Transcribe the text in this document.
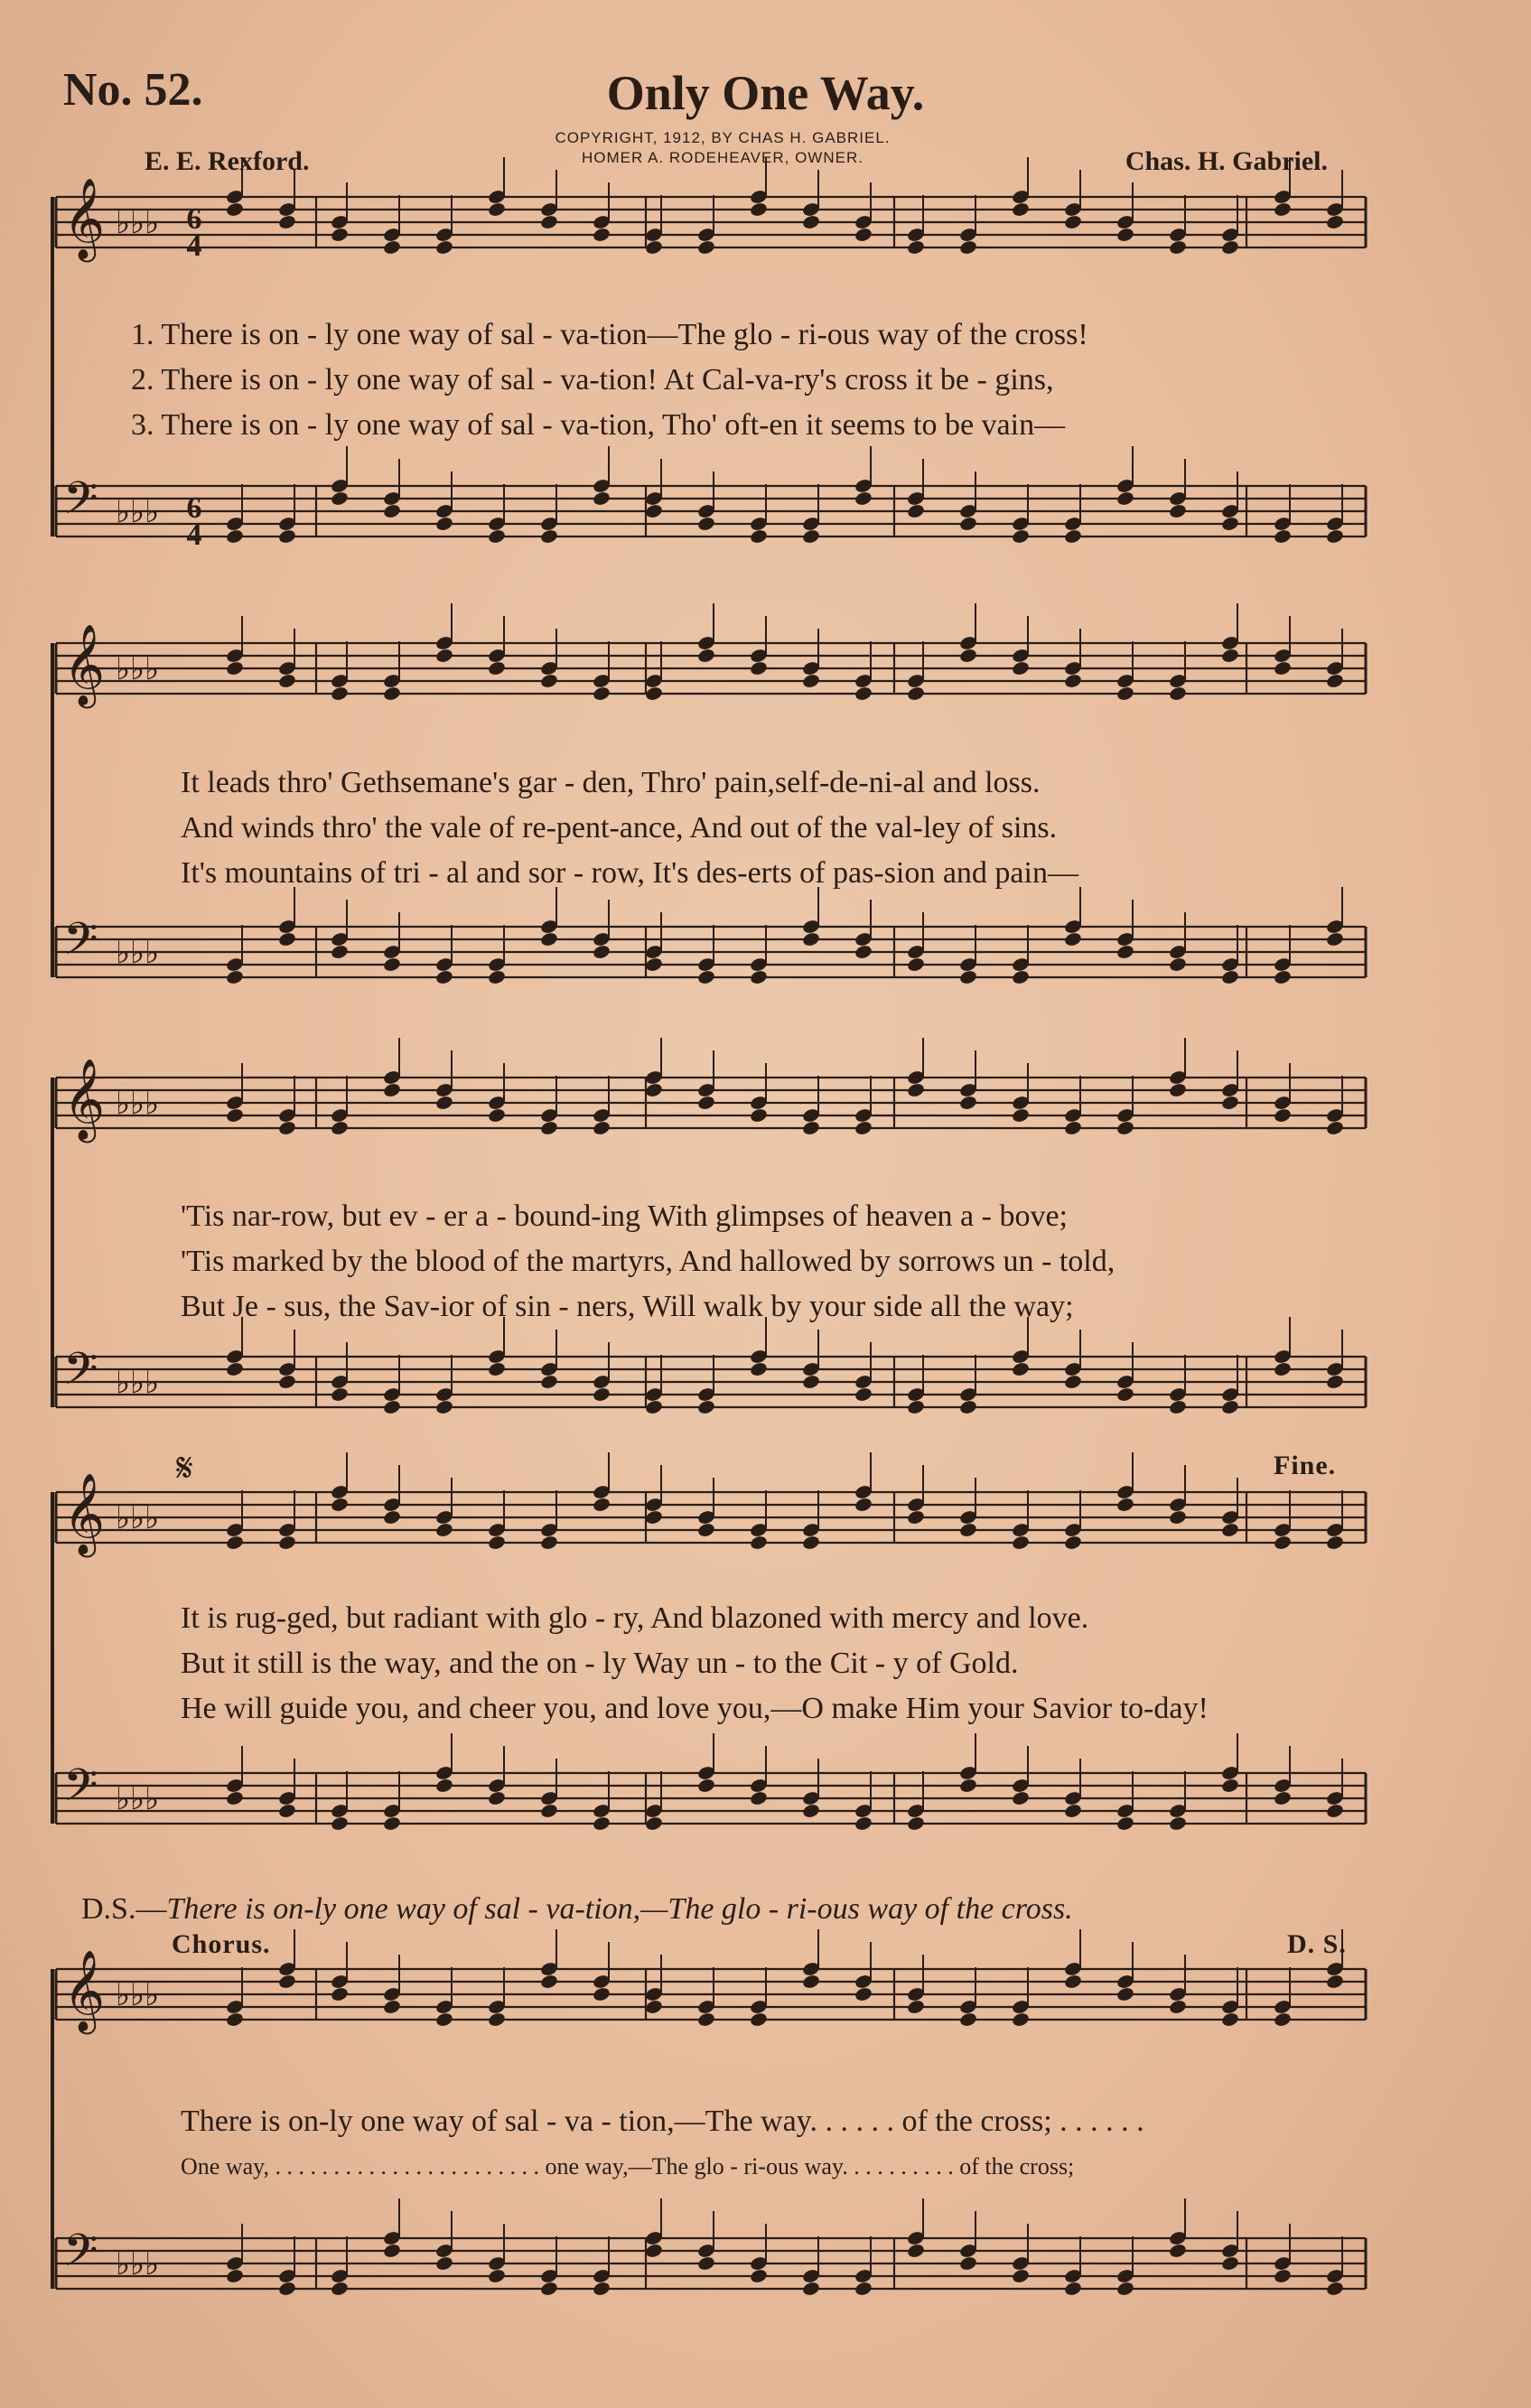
No. 52.	Only One Way.
COPYRIGHT, 1912, BY CHAS H. GABRIEL.
HOMER A. RODEHEAVER, OWNER.
E. E. Rexford.	Chas. H. Gabriel.
𝄞 ♭♭♭
𝄢 ♭♭♭
𝄞 ♭♭♭
𝄢 ♭♭♭
𝄞 ♭♭♭
𝄢 ♭♭♭
𝄞 ♭♭♭
𝄢 ♭♭♭
𝄞 ♭♭♭
𝄢 ♭♭♭
6
4
6
4
1. There is on - ly one way of sal - va-tion—The glo - ri-ous way of the cross!
2. There is on - ly one way of sal - va-tion! At Cal-va-ry's cross it be - gins,
3. There is on - ly one way of sal - va-tion, Tho' oft-en it seems to be vain—
It leads thro' Gethsemane's gar - den, Thro' pain,self-de-ni-al and loss.
And winds thro' the vale of re-pent-ance, And out of the val-ley of sins.
It's mountains of tri - al and sor - row, It's des-erts of pas-sion and pain—
'Tis nar-row, but ev - er a - bound-ing With glimpses of heaven a - bove;
'Tis marked by the blood of the martyrs, And hallowed by sorrows un - told,
But Je - sus, the Sav-ior of sin - ners, Will walk by your side all the way;
𝄋	Fine.
It is rug-ged, but radiant with glo - ry, And blazoned with mercy and love.
But it still is the way, and the on - ly Way un - to the Cit - y of Gold.
He will guide you, and cheer you, and love you,—O make Him your Savior to-day!
D.S.—There is on-ly one way of sal - va-tion,—The glo - ri-ous way of the cross.
Chorus.	D. S.
There is on-ly one way of sal - va - tion,—The way. . . . . . of the cross; . . . . . .
One way, . . . . . . . . . . . . . . . . . . . . . . . one way,—The glo - ri-ous way. . . . . . . . . . of the cross;
